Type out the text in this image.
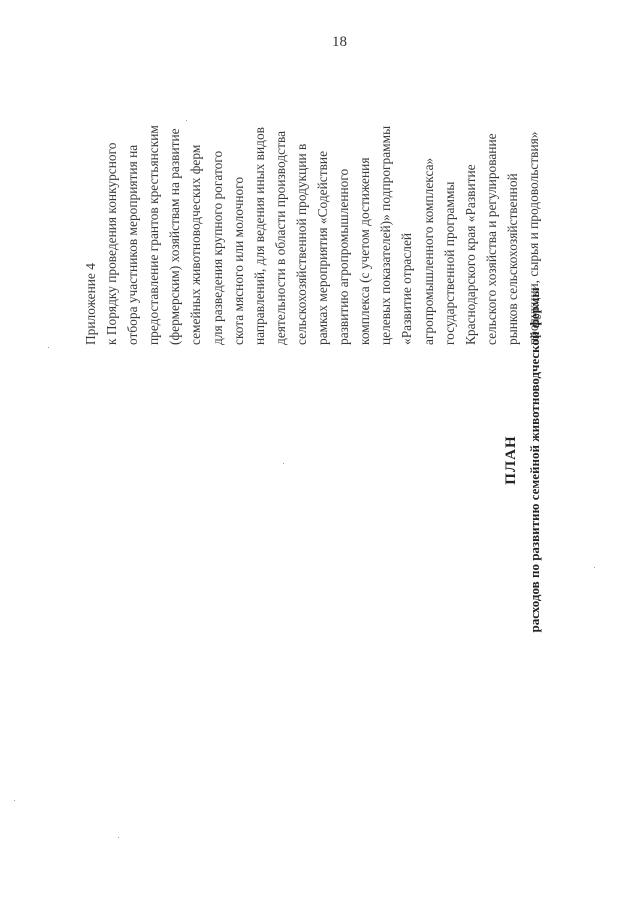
18
Приложение 4 к Порядку проведения конкурсного отбора участников мероприятия на предоставление грантов крестьянским (фермерским) хозяйствам на развитие семейных животноводческих ферм для разведения крупного рогатого скота мясного или молочного направлений, для ведения иных видов деятельности в области производства сельскохозяйственной продукции в рамках мероприятия «Содействие развитию агропромышленного комплекса (с учетом достижения целевых показателей)» подпрограммы «Развитие отраслей агропромышленного комплекса» государственной программы Краснодарского края «Развитие сельского хозяйства и регулирование рынков сельскохозяйственной продукции, сырья и продовольствия»
ПЛАН расходов по развитию семейной животноводческой фермы
